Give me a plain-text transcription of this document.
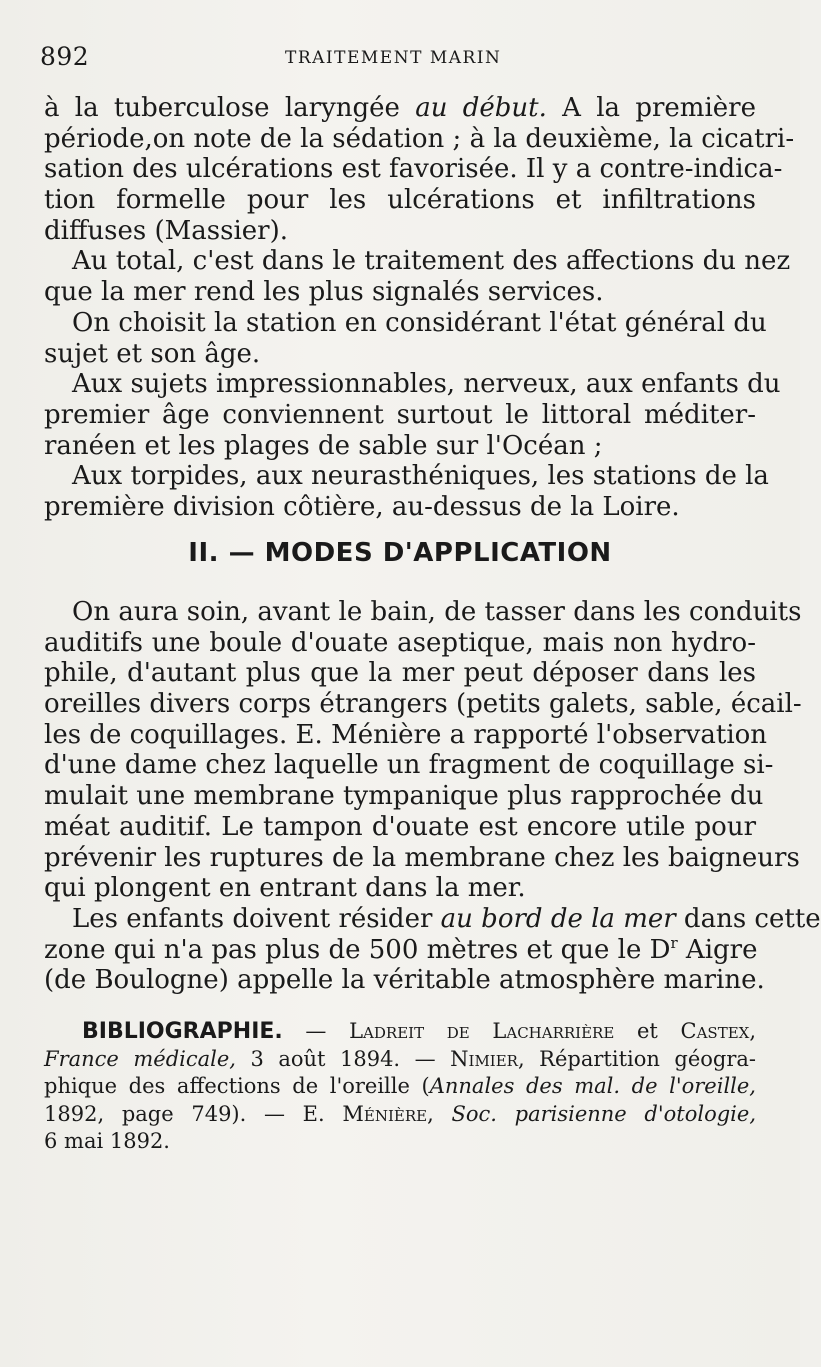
892	TRAITEMENT MARIN
à la tuberculose laryngée au début. A la première
période,on note de la sédation ; à la deuxième, la cicatri-
sation des ulcérations est favorisée. Il y a contre-indica-
tion formelle pour les ulcérations et infiltrations
diffuses (Massier).
Au total, c'est dans le traitement des affections du nez
que la mer rend les plus signalés services.
On choisit la station en considérant l'état général du
sujet et son âge.
Aux sujets impressionnables, nerveux, aux enfants du
premier âge conviennent surtout le littoral méditer-
ranéen et les plages de sable sur l'Océan ;
Aux torpides, aux neurasthéniques, les stations de la
première division côtière, au-dessus de la Loire.
II. — MODES D'APPLICATION
On aura soin, avant le bain, de tasser dans les conduits
auditifs une boule d'ouate aseptique, mais non hydro-
phile, d'autant plus que la mer peut déposer dans les
oreilles divers corps étrangers (petits galets, sable, écail-
les de coquillages. E. Ménière a rapporté l'observation
d'une dame chez laquelle un fragment de coquillage si-
mulait une membrane tympanique plus rapprochée du
méat auditif. Le tampon d'ouate est encore utile pour
prévenir les ruptures de la membrane chez les baigneurs
qui plongent en entrant dans la mer.
Les enfants doivent résider au bord de la mer dans cette
zone qui n'a pas plus de 500 mètres et que le $D^r$ Aigre
(de Boulogne) appelle la véritable atmosphère marine.
BIBLIOGRAPHIE. — Ladreit de Lacharrière et Castex,
France médicale, 3 août 1894. — Nimier, Répartition géogra-
phique des affections de l'oreille (Annales des mal. de l'oreille,
1892, page 749). — E. Ménière, Soc. parisienne d'otologie,
6 mai 1892.
